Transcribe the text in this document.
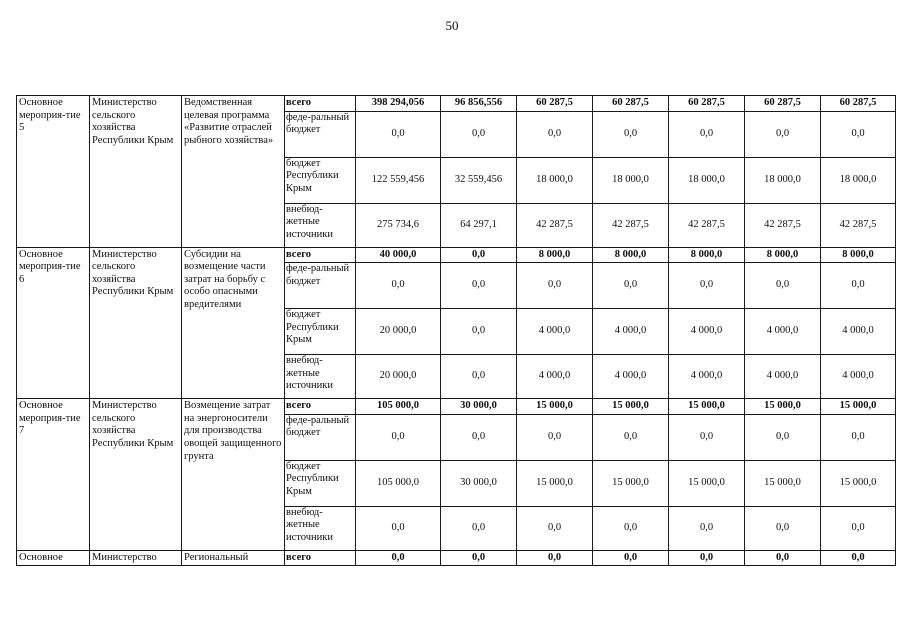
50
Основное мероприя-тие 5	Министерство сельского хозяйства Республики Крым	Ведомственная целевая программа «Развитие отраслей рыбного хозяйства»	всего	398 294,056	96 856,556	60 287,5	60 287,5	60 287,5	60 287,5	60 287,5
			феде-ральный бюджет	0,0	0,0	0,0	0,0	0,0	0,0	0,0
			бюджет Республики Крым	122 559,456	32 559,456	18 000,0	18 000,0	18 000,0	18 000,0	18 000,0
			внебюд-жетные источники	275 734,6	64 297,1	42 287,5	42 287,5	42 287,5	42 287,5	42 287,5
Основное мероприя-тие 6	Министерство сельского хозяйства Республики Крым	Субсидии на возмещение части затрат на борьбу с особо опасными вредителями	всего	40 000,0	0,0	8 000,0	8 000,0	8 000,0	8 000,0	8 000,0
			феде-ральный бюджет	0,0	0,0	0,0	0,0	0,0	0,0	0,0
			бюджет Республики Крым	20 000,0	0,0	4 000,0	4 000,0	4 000,0	4 000,0	4 000,0
			внебюд-жетные источники	20 000,0	0,0	4 000,0	4 000,0	4 000,0	4 000,0	4 000,0
Основное мероприя-тие 7	Министерство сельского хозяйства Республики Крым	Возмещение затрат на энергоносители для производства овощей защищенного грунта	всего	105 000,0	30 000,0	15 000,0	15 000,0	15 000,0	15 000,0	15 000,0
			феде-ральный бюджет	0,0	0,0	0,0	0,0	0,0	0,0	0,0
			бюджет Республики Крым	105 000,0	30 000,0	15 000,0	15 000,0	15 000,0	15 000,0	15 000,0
			внебюд-жетные источники	0,0	0,0	0,0	0,0	0,0	0,0	0,0
Основное	Министерство	Региональный	всего	0,0	0,0	0,0	0,0	0,0	0,0	0,0
